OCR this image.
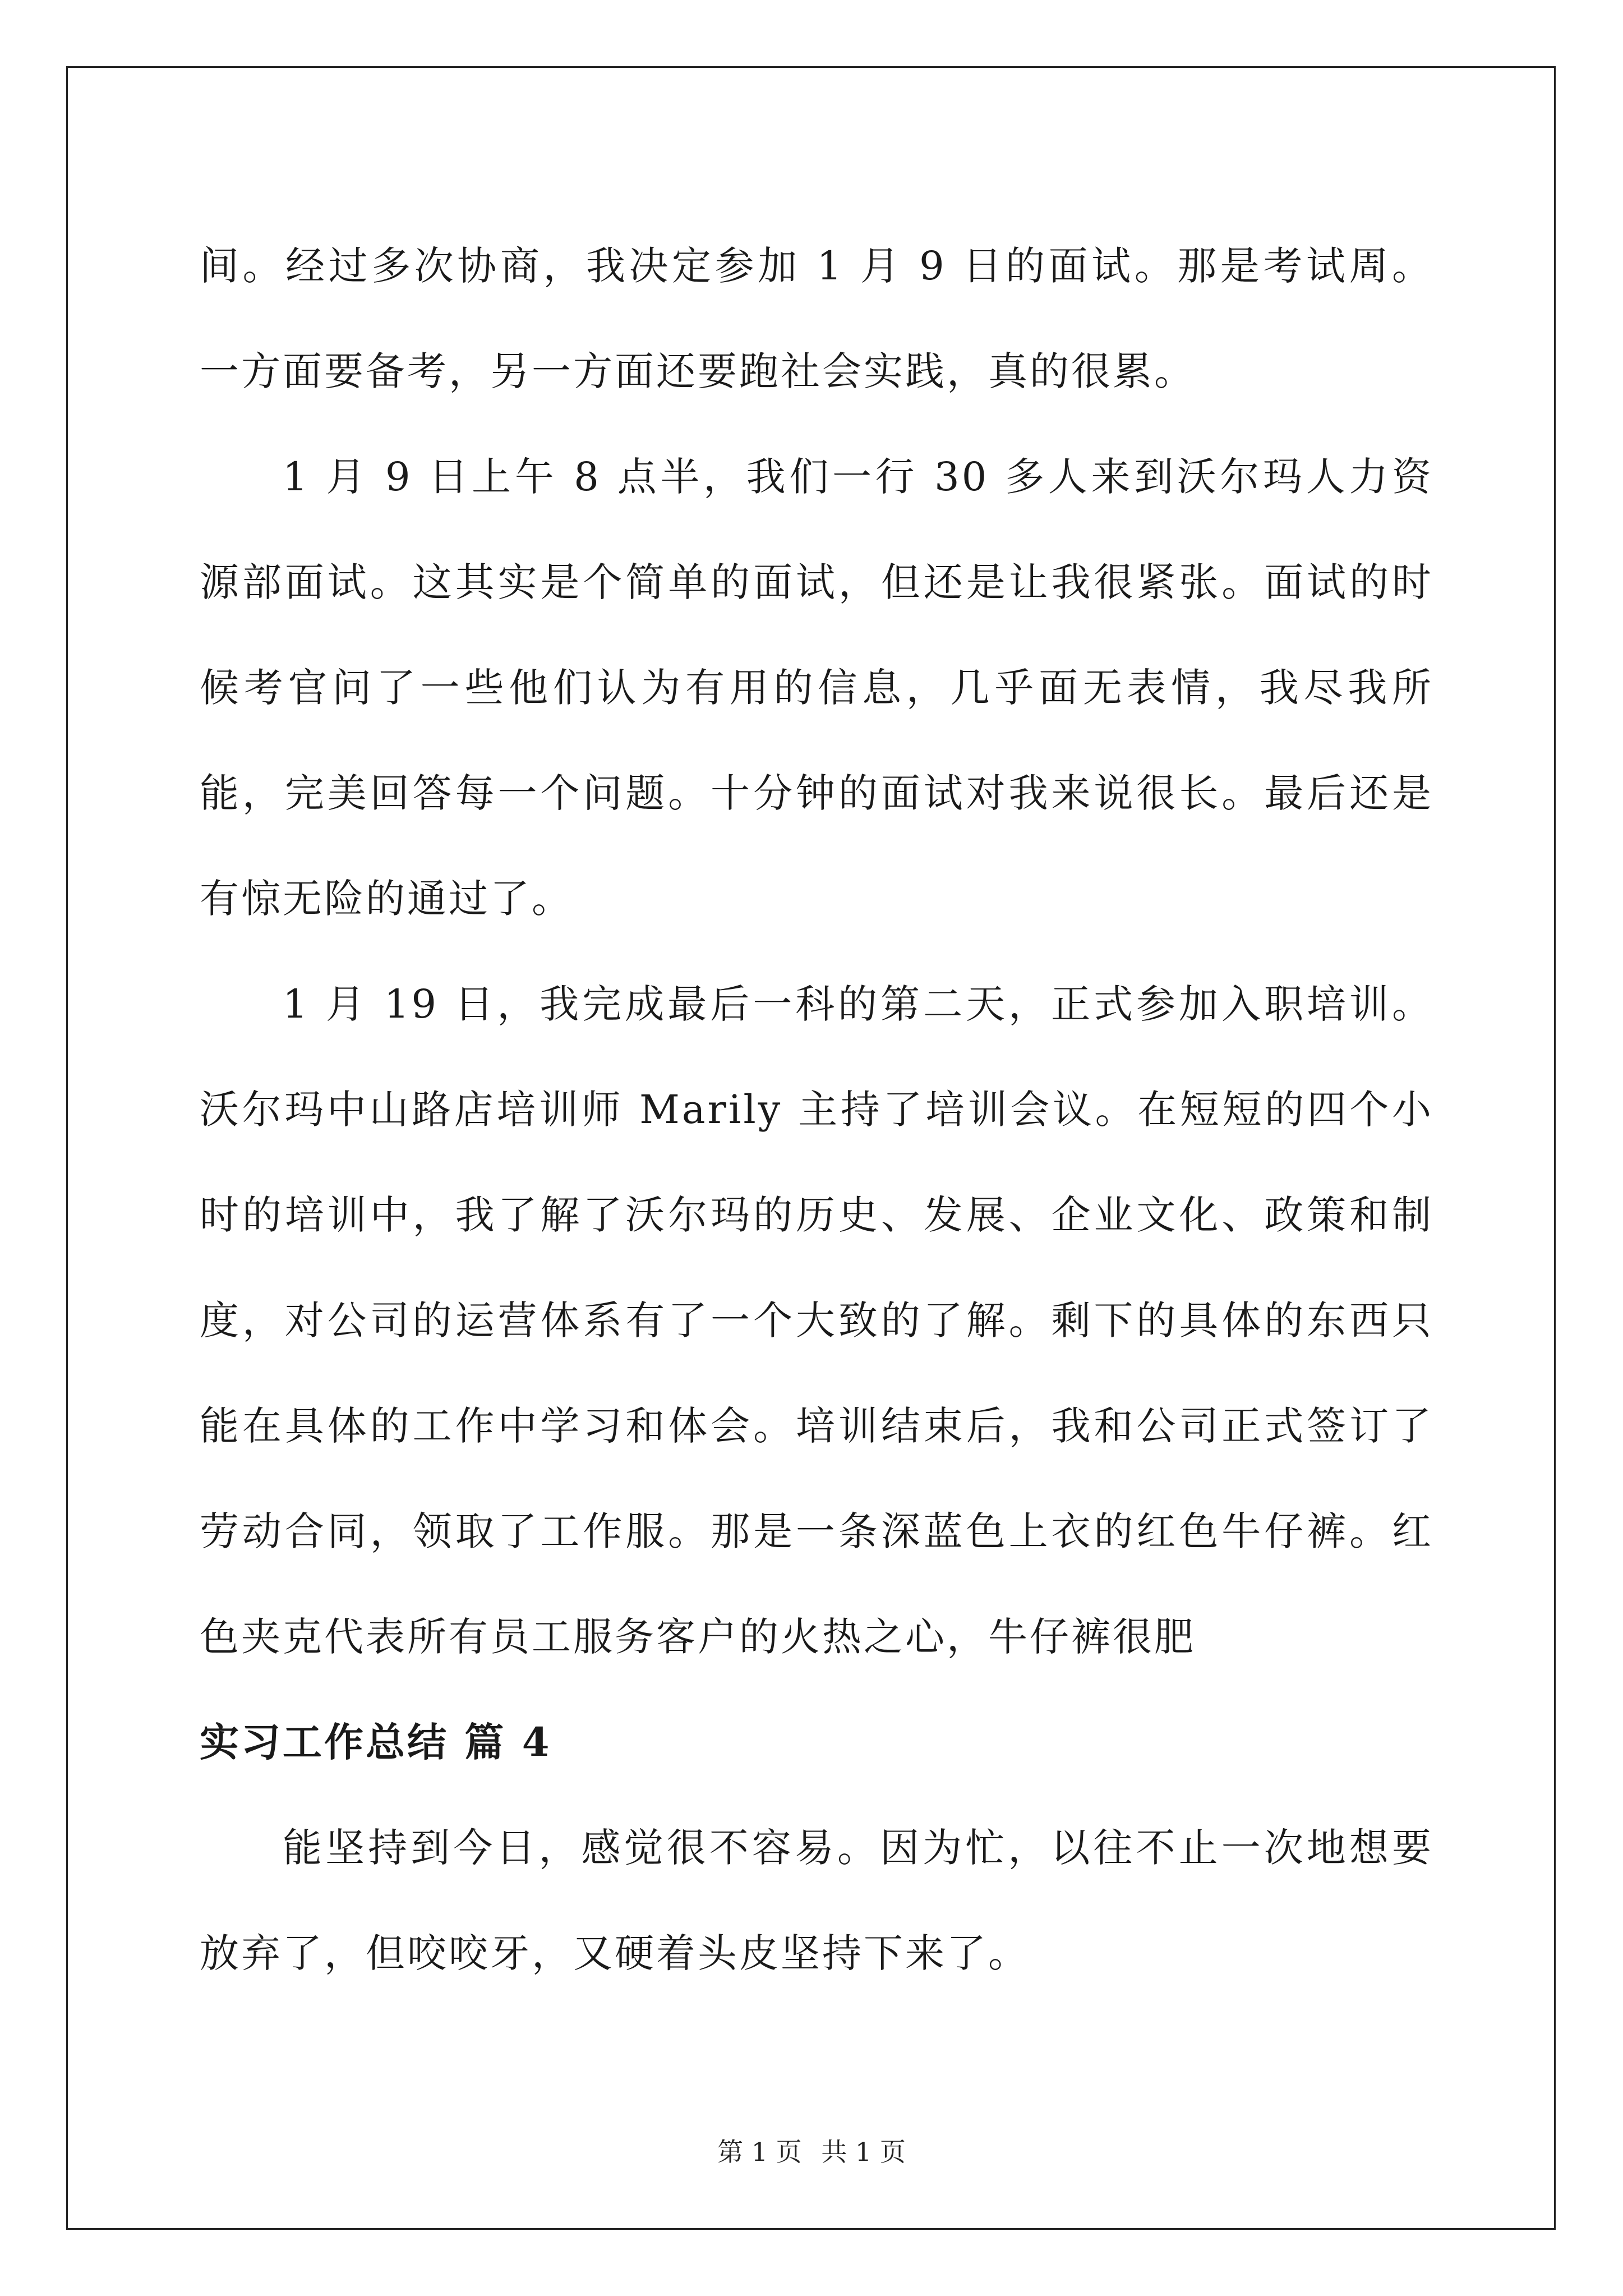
间。经过多次协商，我决定参加 1 月 9 日的面试。那是考试周。一方面要备考，另一方面还要跑社会实践，真的很累。

1 月 9 日上午 8 点半，我们一行 30 多人来到沃尔玛人力资源部面试。这其实是个简单的面试，但还是让我很紧张。面试的时候考官问了一些他们认为有用的信息，几乎面无表情，我尽我所能，完美回答每一个问题。十分钟的面试对我来说很长。最后还是有惊无险的通过了。

1 月 19 日，我完成最后一科的第二天，正式参加入职培训。沃尔玛中山路店培训师 Marily 主持了培训会议。在短短的四个小时的培训中，我了解了沃尔玛的历史、发展、企业文化、政策和制度，对公司的运营体系有了一个大致的了解。剩下的具体的东西只能在具体的工作中学习和体会。培训结束后，我和公司正式签订了劳动合同，领取了工作服。那是一条深蓝色上衣的红色牛仔裤。红色夹克代表所有员工服务客户的火热之心，牛仔裤很肥

实习工作总结 篇 4

能坚持到今日，感觉很不容易。因为忙，以往不止一次地想要放弃了，但咬咬牙，又硬着头皮坚持下来了。

第 1 页 共 1 页
